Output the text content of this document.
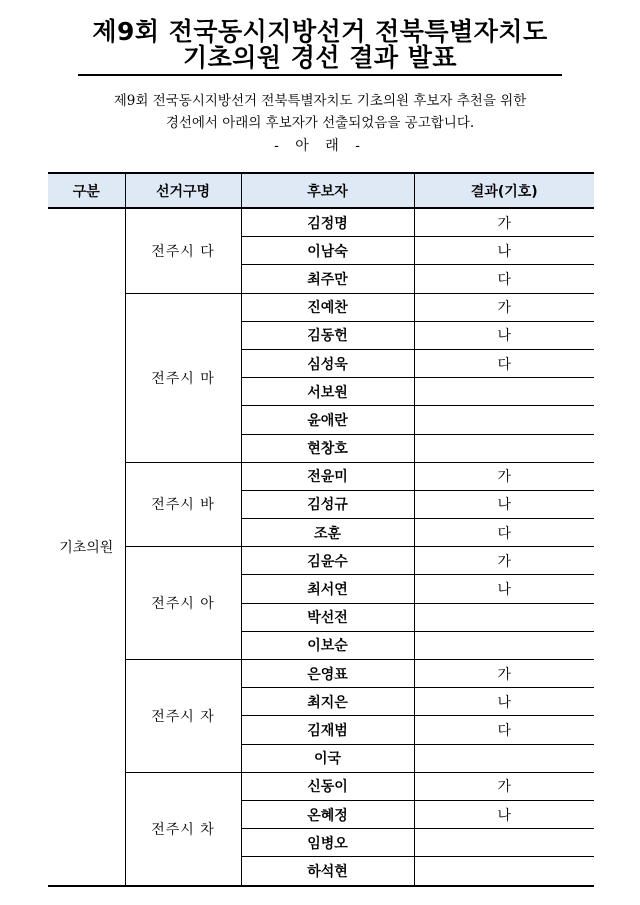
제9회 전국동시지방선거 전북특별자치도
기초의원 경선 결과 발표
제9회 전국동시지방선거 전북특별자치도 기초의원 후보자 추천을 위한
경선에서 아래의 후보자가 선출되었음을 공고합니다.
- 아 래 -
구분	선거구명	후보자	결과(기호)
기초의원	전주시 다	김정명	가
		이남숙	나
		최주만	다
	전주시 마	진예찬	가
		김동헌	나
		심성욱	다
		서보원	
		윤애란	
		현창호	
	전주시 바	전윤미	가
		김성규	나
		조훈	다
	전주시 아	김윤수	가
		최서연	나
		박선전	
		이보순	
	전주시 자	은영표	가
		최지은	나
		김재범	다
		이국	
	전주시 차	신동이	가
		온혜정	나
		임병오	
		하석현	
